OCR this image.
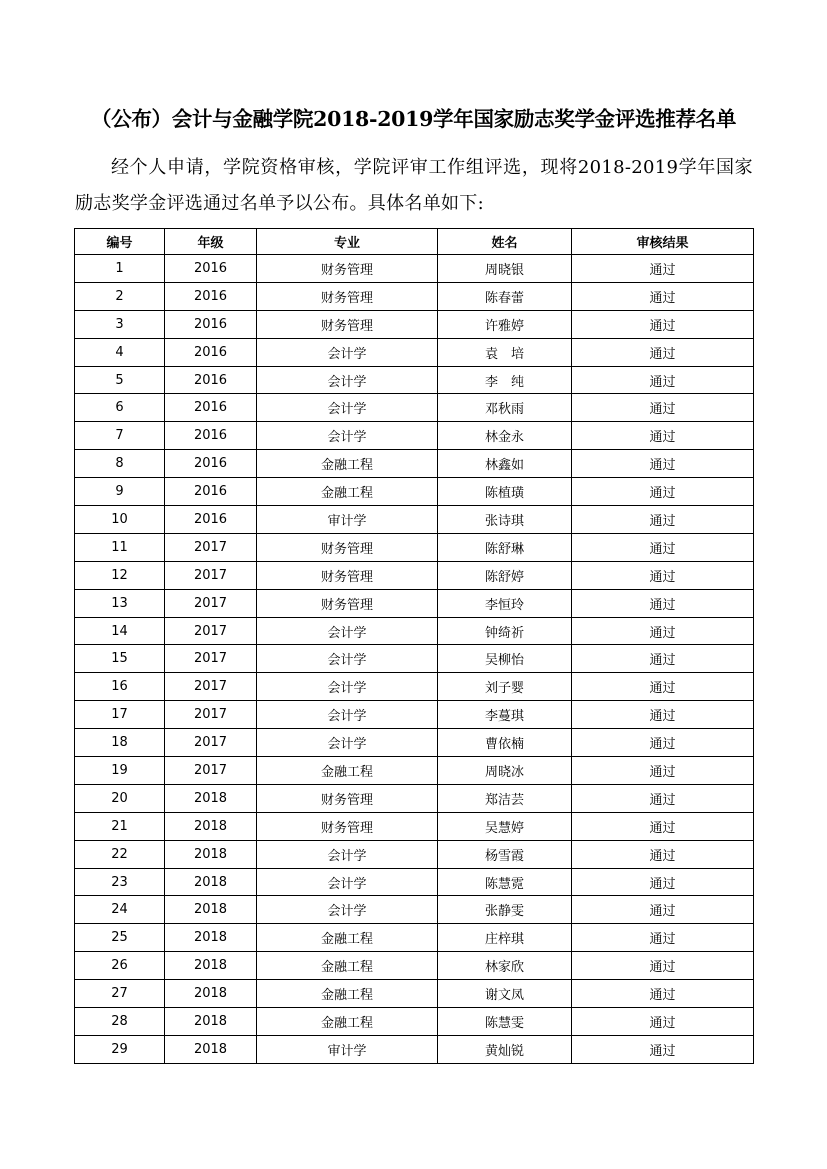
（公布）会计与金融学院2018-2019学年国家励志奖学金评选推荐名单

经个人申请，学院资格审核，学院评审工作组评选，现将2018-2019学年国家励志奖学金评选通过名单予以公布。具体名单如下:

编号	年级	专业	姓名	审核结果
1	2016	财务管理	周晓银	通过
2	2016	财务管理	陈春蕾	通过
3	2016	财务管理	许雅婷	通过
4	2016	会计学	袁　培	通过
5	2016	会计学	李　纯	通过
6	2016	会计学	邓秋雨	通过
7	2016	会计学	林金永	通过
8	2016	金融工程	林鑫如	通过
9	2016	金融工程	陈植璜	通过
10	2016	审计学	张诗琪	通过
11	2017	财务管理	陈舒琳	通过
12	2017	财务管理	陈舒婷	通过
13	2017	财务管理	李恒玲	通过
14	2017	会计学	钟绮祈	通过
15	2017	会计学	吴柳怡	通过
16	2017	会计学	刘子婴	通过
17	2017	会计学	李蔓琪	通过
18	2017	会计学	曹依楠	通过
19	2017	金融工程	周晓冰	通过
20	2018	财务管理	郑洁芸	通过
21	2018	财务管理	吴慧婷	通过
22	2018	会计学	杨雪霞	通过
23	2018	会计学	陈慧霓	通过
24	2018	会计学	张静雯	通过
25	2018	金融工程	庄梓琪	通过
26	2018	金融工程	林家欣	通过
27	2018	金融工程	谢文凤	通过
28	2018	金融工程	陈慧雯	通过
29	2018	审计学	黄灿锐	通过
